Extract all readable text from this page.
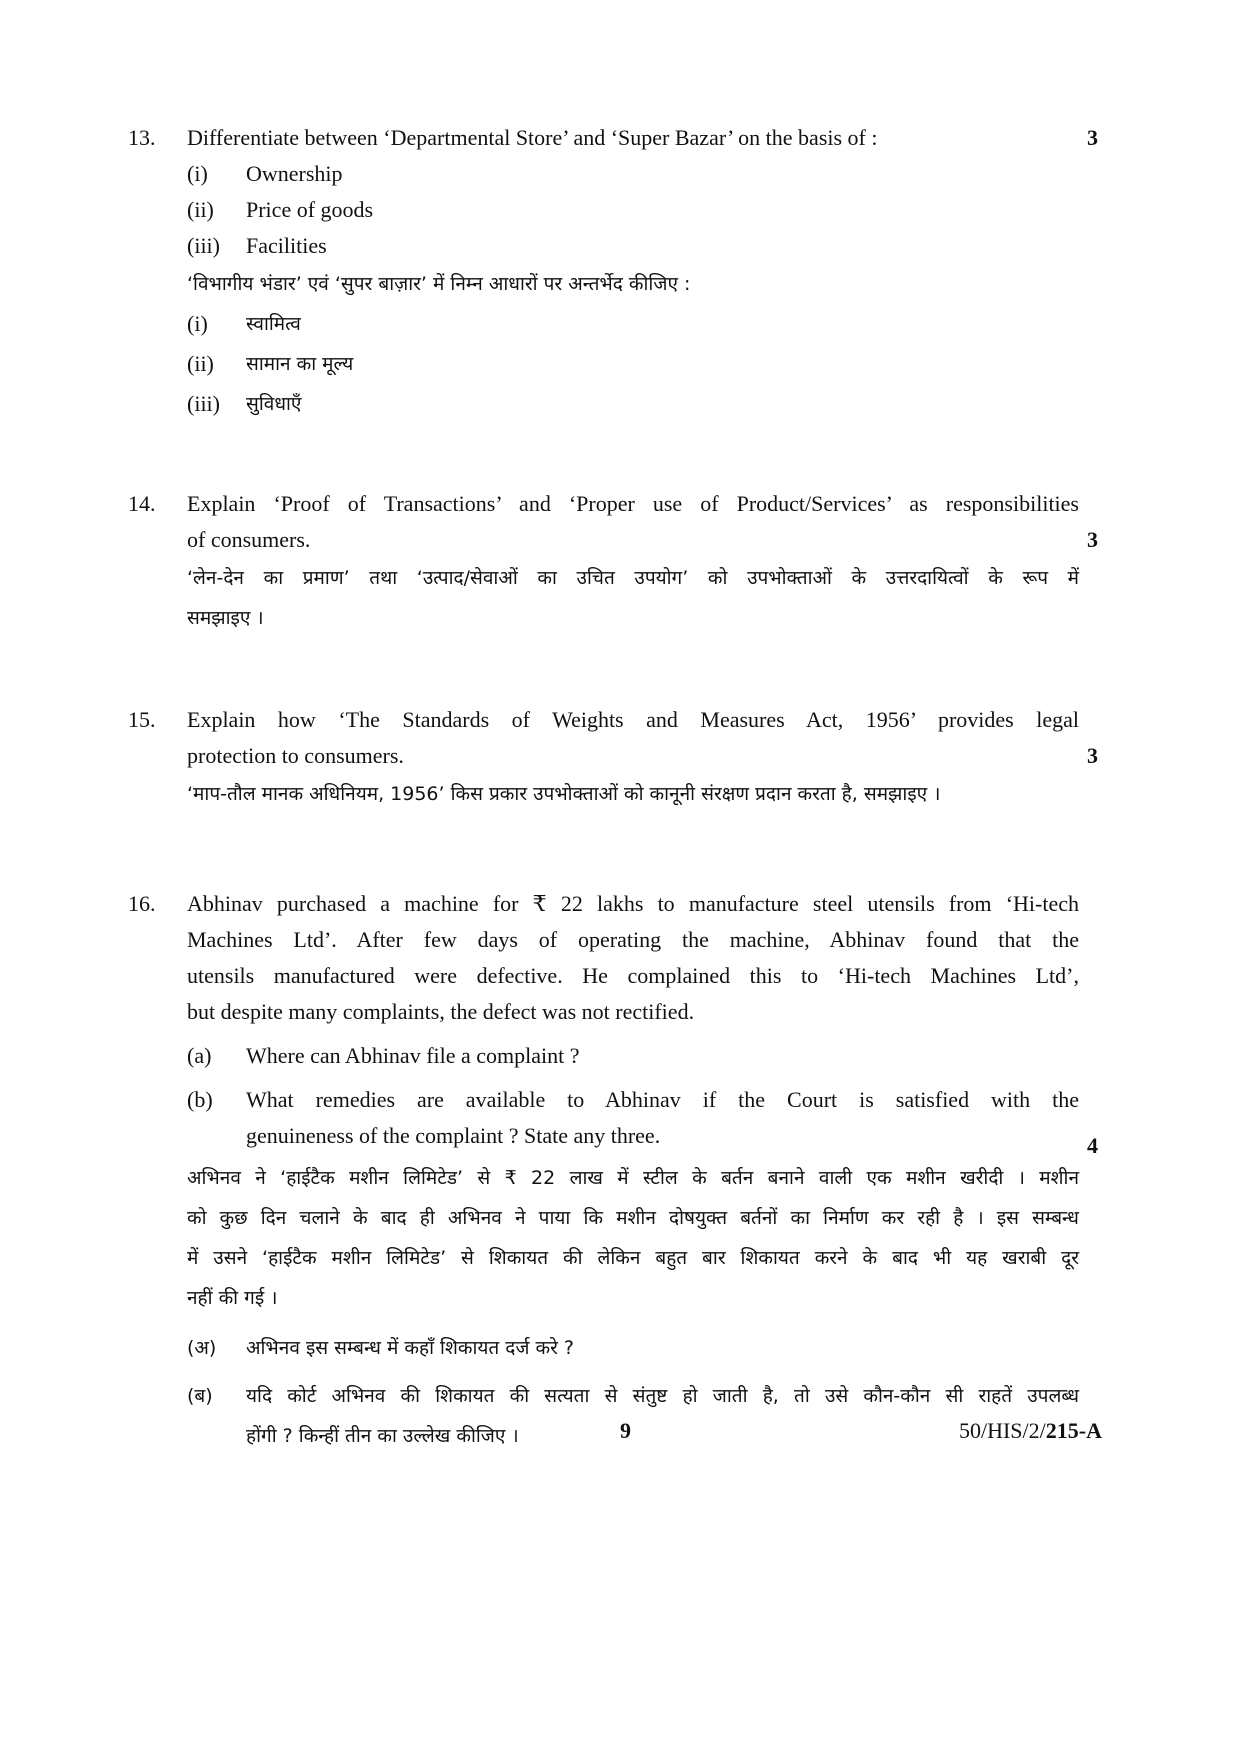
13.	3
Differentiate between ‘Departmental Store’ and ‘Super Bazar’ on the basis of :
(i) Ownership
(ii) Price of goods
(iii) Facilities
‘विभागीय भंडार’ एवं ‘सुपर बाज़ार’ में निम्न आधारों पर अन्तर्भेद कीजिए :
(i) स्वामित्व
(ii) सामान का मूल्य
(iii) सुविधाएँ
14.
3
Explain ‘Proof of Transactions’ and ‘Proper use of Product/Services’ as responsibilities
of consumers.
‘लेन-देन का प्रमाण’ तथा ‘उत्पाद/सेवाओं का उचित उपयोग’ को उपभोक्ताओं के उत्तरदायित्वों के रूप में
समझाइए ।
15.
3
Explain how ‘The Standards of Weights and Measures Act, 1956’ provides legal
protection to consumers.
‘माप-तौल मानक अधिनियम, 1956’ किस प्रकार उपभोक्ताओं को कानूनी संरक्षण प्रदान करता है, समझाइए ।
16.
4
Abhinav purchased a machine for ₹ 22 lakhs to manufacture steel utensils from ‘Hi-tech
Machines Ltd’. After few days of operating the machine, Abhinav found that the
utensils manufactured were defective. He complained this to ‘Hi-tech Machines Ltd’,
but despite many complaints, the defect was not rectified.
(a) Where can Abhinav file a complaint ?
(b) What remedies are available to Abhinav if the Court is satisfied with the
genuineness of the complaint ? State any three.
अभिनव ने ‘हाईटैक मशीन लिमिटेड’ से ₹ 22 लाख में स्टील के बर्तन बनाने वाली एक मशीन खरीदी । मशीन
को कुछ दिन चलाने के बाद ही अभिनव ने पाया कि मशीन दोषयुक्त बर्तनों का निर्माण कर रही है । इस सम्बन्ध
में उसने ‘हाईटैक मशीन लिमिटेड’ से शिकायत की लेकिन बहुत बार शिकायत करने के बाद भी यह खराबी दूर
नहीं की गई ।
(अ) अभिनव इस सम्बन्ध में कहाँ शिकायत दर्ज करे ?
(ब) यदि कोर्ट अभिनव की शिकायत की सत्यता से संतुष्ट हो जाती है, तो उसे कौन-कौन सी राहतें उपलब्ध
होंगी ? किन्हीं तीन का उल्लेख कीजिए ।	9	50/HIS/2/215-A
